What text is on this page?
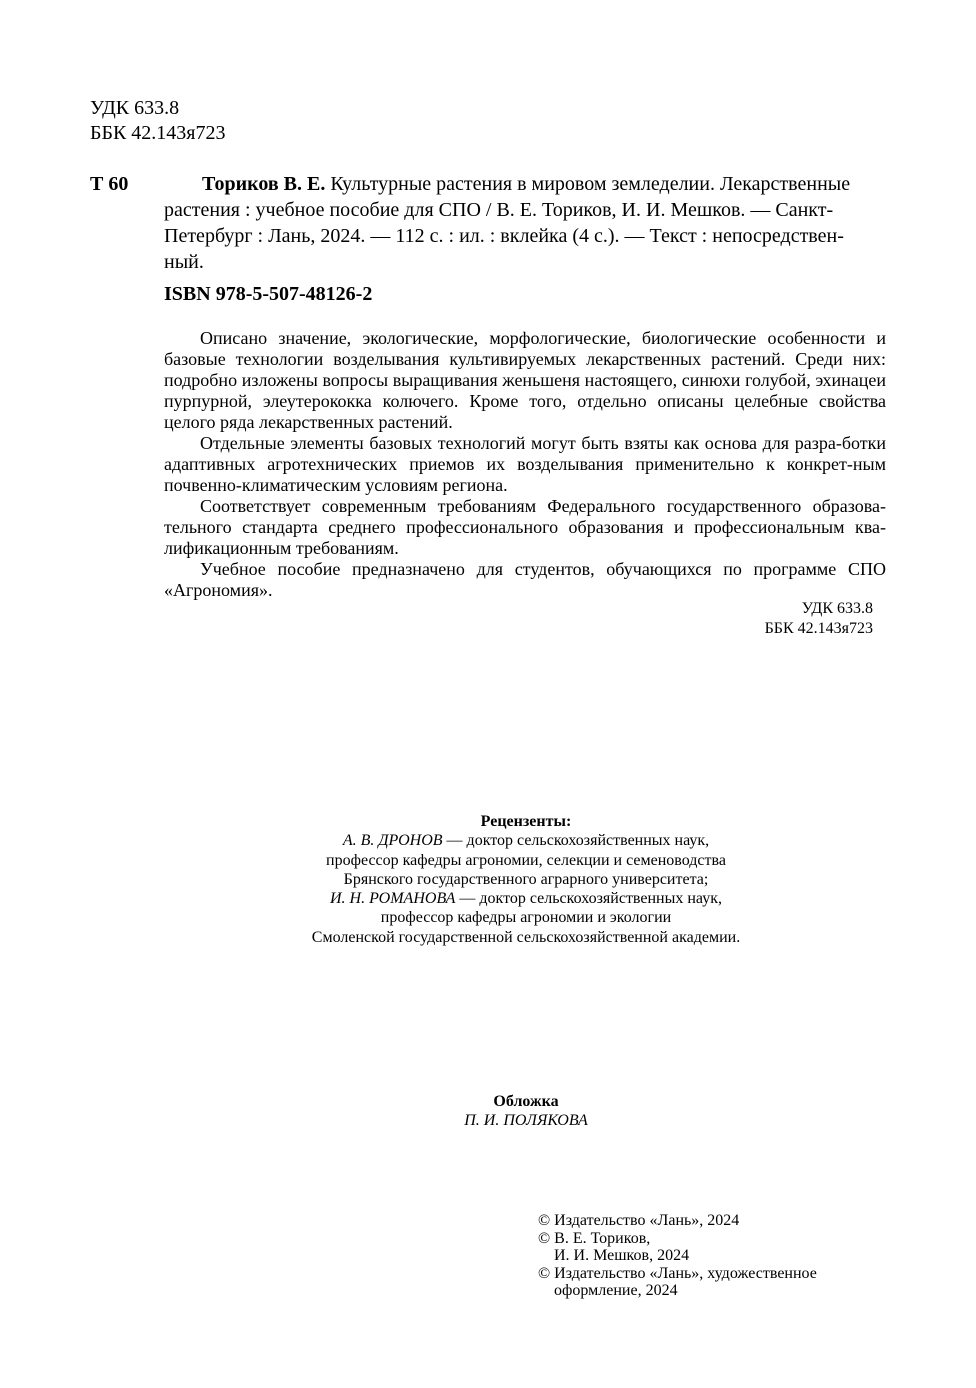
УДК 633.8
ББК 42.143я723
Т 60	Ториков В. Е. Культурные растения в мировом земледелии. Лекарственные
растения : учебное пособие для СПО / В. Е. Ториков, И. И. Мешков. — Санкт-
Петербург : Лань, 2024. — 112 с. : ил. : вклейка (4 с.). — Текст : непосредствен-
ный.
ISBN 978-5-507-48126-2

Описано значение, экологические, морфологические, биологические особенности и базовые технологии возделывания культивируемых лекарственных растений. Среди них: подробно изложены вопросы выращивания женьшеня настоящего, синюхи голубой, эхинацеи пурпурной, элеутерококка колючего. Кроме того, отдельно описаны целебные свойства целого ряда лекарственных растений.

Отдельные элементы базовых технологий могут быть взяты как основа для разра-ботки адаптивных агротехнических приемов их возделывания применительно к конкрет-ным почвенно-климатическим условиям региона.

Соответствует современным требованиям Федерального государственного образова-тельного стандарта среднего профессионального образования и профессиональным ква-лификационным требованиям.

Учебное пособие предназначено для студентов, обучающихся по программе СПО «Агрономия».

УДК 633.8
ББК 42.143я723
Рецензенты:
А. В. ДРОНОВ — доктор сельскохозяйственных наук,
профессор кафедры агрономии, селекции и семеноводства
Брянского государственного аграрного университета;
И. Н. РОМАНОВА — доктор сельскохозяйственных наук,
профессор кафедры агрономии и экологии
Смоленской государственной сельскохозяйственной академии.
Обложка
П. И. ПОЛЯКОВА
© Издательство «Лань», 2024
© В. Е. Ториков,
И. И. Мешков, 2024
© Издательство «Лань», художественное
оформление, 2024
